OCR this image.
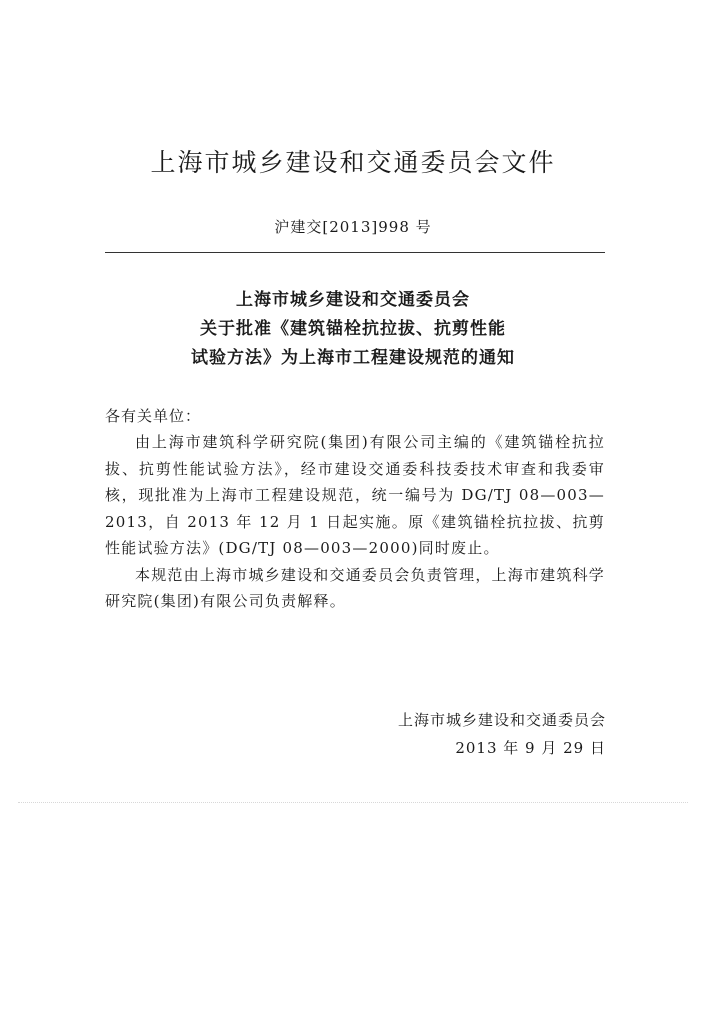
上海市城乡建设和交通委员会文件
沪建交[2013]998 号
上海市城乡建设和交通委员会
关于批准《建筑锚栓抗拉拔、抗剪性能
试验方法》为上海市工程建设规范的通知
各有关单位：

由上海市建筑科学研究院(集团)有限公司主编的《建筑锚栓抗拉拔、抗剪性能试验方法》，经市建设交通委科技委技术审查和我委审核，现批准为上海市工程建设规范，统一编号为 DG/TJ 08—003—2013，自 2013 年 12 月 1 日起实施。原《建筑锚栓抗拉拔、抗剪性能试验方法》(DG/TJ 08—003—2000)同时废止。

本规范由上海市城乡建设和交通委员会负责管理，上海市建筑科学研究院(集团)有限公司负责解释。

上海市城乡建设和交通委员会
2013 年 9 月 29 日
